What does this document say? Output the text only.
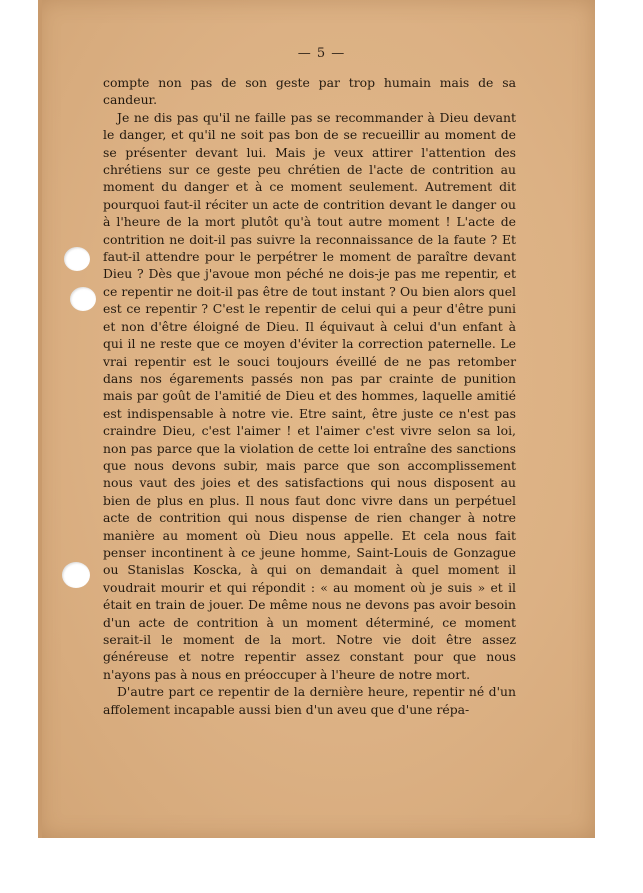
— 5 —

compte non pas de son geste par trop humain mais de sa candeur.

Je ne dis pas qu'il ne faille pas se recommander à Dieu devant le danger, et qu'il ne soit pas bon de se recueillir au moment de se présenter devant lui. Mais je veux attirer l'attention des chrétiens sur ce geste peu chrétien de l'acte de contrition au moment du danger et à ce moment seulement. Autrement dit pourquoi faut-il réciter un acte de contrition devant le danger ou à l'heure de la mort plutôt qu'à tout autre moment ! L'acte de contrition ne doit-il pas suivre la reconnaissance de la faute ? Et faut-il attendre pour le perpétrer le moment de paraître devant Dieu ? Dès que j'avoue mon péché ne dois-je pas me repentir, et ce repentir ne doit-il pas être de tout instant ? Ou bien alors quel est ce repentir ? C'est le repentir de celui qui a peur d'être puni et non d'être éloigné de Dieu. Il équivaut à celui d'un enfant à qui il ne reste que ce moyen d'éviter la correction paternelle. Le vrai repentir est le souci toujours éveillé de ne pas retomber dans nos égarements passés non pas par crainte de punition mais par goût de l'amitié de Dieu et des hommes, laquelle amitié est indispensable à notre vie. Etre saint, être juste ce n'est pas craindre Dieu, c'est l'aimer ! et l'aimer c'est vivre selon sa loi, non pas parce que la violation de cette loi entraîne des sanctions que nous devons subir, mais parce que son accomplissement nous vaut des joies et des satisfactions qui nous disposent au bien de plus en plus. Il nous faut donc vivre dans un perpétuel acte de contrition qui nous dispense de rien changer à notre manière au moment où Dieu nous appelle. Et cela nous fait penser incontinent à ce jeune homme, Saint-Louis de Gonzague ou Stanislas Koscka, à qui on demandait à quel moment il voudrait mourir et qui répondit : « au moment où je suis » et il était en train de jouer. De même nous ne devons pas avoir besoin d'un acte de contrition à un moment déterminé, ce moment serait-il le moment de la mort. Notre vie doit être assez généreuse et notre repentir assez constant pour que nous n'ayons pas à nous en préoccuper à l'heure de notre mort.

D'autre part ce repentir de la dernière heure, repentir né d'un affolement incapable aussi bien d'un aveu que d'une répa-
